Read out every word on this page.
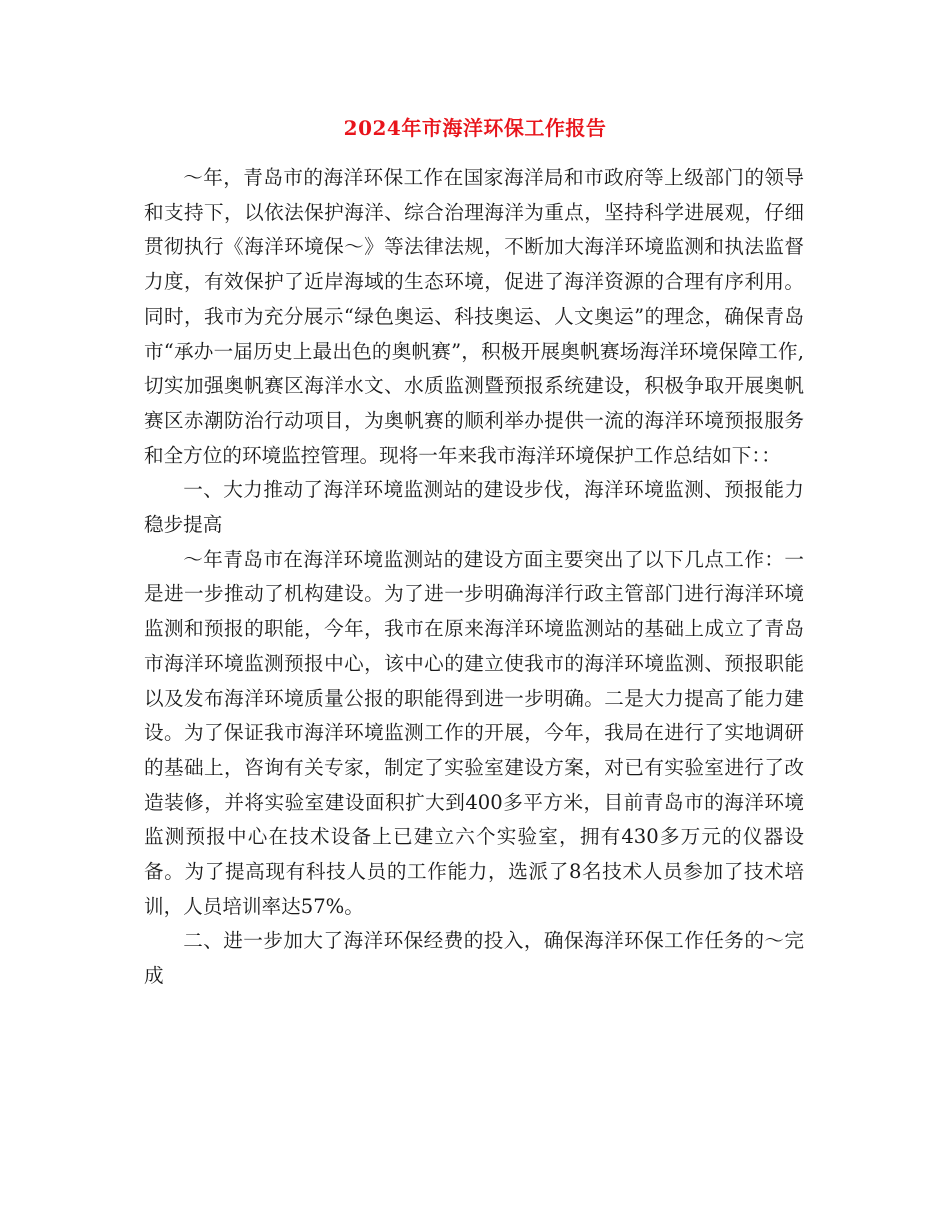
2024年市海洋环保工作报告

～年，青岛市的海洋环保工作在国家海洋局和市政府等上级部门的领导和支持下，以依法保护海洋、综合治理海洋为重点，坚持科学进展观，仔细贯彻执行《海洋环境保～》等法律法规，不断加大海洋环境监测和执法监督力度，有效保护了近岸海域的生态环境，促进了海洋资源的合理有序利用。同时，我市为充分展示“绿色奥运、科技奥运、人文奥运”的理念，确保青岛市“承办一届历史上最出色的奥帆赛”，积极开展奥帆赛场海洋环境保障工作,切实加强奥帆赛区海洋水文、水质监测暨预报系统建设，积极争取开展奥帆赛区赤潮防治行动项目，为奥帆赛的顺利举办提供一流的海洋环境预报服务和全方位的环境监控管理。现将一年来我市海洋环境保护工作总结如下：：

一、大力推动了海洋环境监测站的建设步伐，海洋环境监测、预报能力稳步提高

～年青岛市在海洋环境监测站的建设方面主要突出了以下几点工作：一是进一步推动了机构建设。为了进一步明确海洋行政主管部门进行海洋环境监测和预报的职能，今年，我市在原来海洋环境监测站的基础上成立了青岛市海洋环境监测预报中心，该中心的建立使我市的海洋环境监测、预报职能以及发布海洋环境质量公报的职能得到进一步明确。二是大力提高了能力建设。为了保证我市海洋环境监测工作的开展，今年，我局在进行了实地调研的基础上，咨询有关专家，制定了实验室建设方案，对已有实验室进行了改造装修，并将实验室建设面积扩大到400多平方米，目前青岛市的海洋环境监测预报中心在技术设备上已建立六个实验室，拥有430多万元的仪器设备。为了提高现有科技人员的工作能力，选派了8名技术人员参加了技术培训，人员培训率达57%。

二、进一步加大了海洋环保经费的投入，确保海洋环保工作任务的～完成
